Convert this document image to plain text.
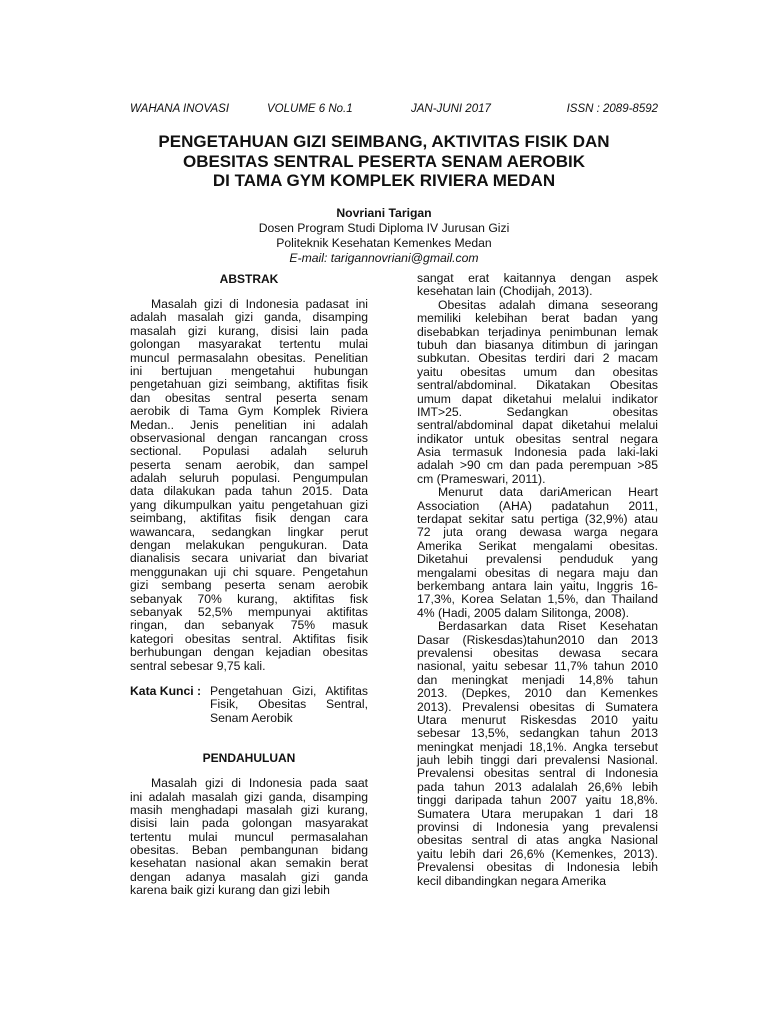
WAHANA INOVASI	VOLUME 6 No.1	JAN-JUNI 2017	ISSN : 2089-8592
PENGETAHUAN GIZI SEIMBANG, AKTIVITAS FISIK DAN
OBESITAS SENTRAL PESERTA SENAM AEROBIK
DI TAMA GYM KOMPLEK RIVIERA MEDAN
Novriani Tarigan
Dosen Program Studi Diploma IV Jurusan Gizi
Politeknik Kesehatan Kemenkes Medan
E-mail: tarigannovriani@gmail.com
ABSTRAK
Masalah gizi di Indonesia padasat ini
adalah masalah gizi ganda, disamping
masalah gizi kurang, disisi lain pada
golongan masyarakat tertentu mulai
muncul permasalahn obesitas. Penelitian
ini bertujuan mengetahui hubungan
pengetahuan gizi seimbang, aktifitas fisik
dan obesitas sentral peserta senam
aerobik di Tama Gym Komplek Riviera
Medan.. Jenis penelitian ini adalah
observasional dengan rancangan cross
sectional. Populasi adalah seluruh
peserta senam aerobik, dan sampel
adalah seluruh populasi. Pengumpulan
data dilakukan pada tahun 2015. Data
yang dikumpulkan yaitu pengetahuan gizi
seimbang, aktifitas fisik dengan cara
wawancara, sedangkan lingkar perut
dengan melakukan pengukuran. Data
dianalisis secara univariat dan bivariat
menggunakan uji chi square. Pengetahun
gizi sembang peserta senam aerobik
sebanyak 70% kurang, aktifitas fisk
sebanyak 52,5% mempunyai aktifitas
ringan, dan sebanyak 75% masuk
kategori obesitas sentral. Aktifitas fisik
berhubungan dengan kejadian obesitas
sentral sebesar 9,75 kali.
Kata Kunci : Pengetahuan Gizi, Aktifitas
Fisik, Obesitas Sentral,
Senam Aerobik
PENDAHULUAN
Masalah gizi di Indonesia pada saat
ini adalah masalah gizi ganda, disamping
masih menghadapi masalah gizi kurang,
disisi lain pada golongan masyarakat
tertentu mulai muncul permasalahan
obesitas. Beban pembangunan bidang
kesehatan nasional akan semakin berat
dengan adanya masalah gizi ganda
karena baik gizi kurang dan gizi lebih
sangat erat kaitannya dengan aspek
kesehatan lain (Chodijah, 2013).
Obesitas adalah dimana seseorang
memiliki kelebihan berat badan yang
disebabkan terjadinya penimbunan lemak
tubuh dan biasanya ditimbun di jaringan
subkutan. Obesitas terdiri dari 2 macam
yaitu obesitas umum dan obesitas
sentral/abdominal. Dikatakan Obesitas
umum dapat diketahui melalui indikator
IMT>25. Sedangkan obesitas
sentral/abdominal dapat diketahui melalui
indikator untuk obesitas sentral negara
Asia termasuk Indonesia pada laki-laki
adalah >90 cm dan pada perempuan >85
cm (Prameswari, 2011).
Menurut data dariAmerican Heart
Association (AHA) padatahun 2011,
terdapat sekitar satu pertiga (32,9%) atau
72 juta orang dewasa warga negara
Amerika Serikat mengalami obesitas.
Diketahui prevalensi penduduk yang
mengalami obesitas di negara maju dan
berkembang antara lain yaitu, Inggris 16-
17,3%, Korea Selatan 1,5%, dan Thailand
4% (Hadi, 2005 dalam Silitonga, 2008).
Berdasarkan data Riset Kesehatan
Dasar (Riskesdas)tahun2010 dan 2013
prevalensi obesitas dewasa secara
nasional, yaitu sebesar 11,7% tahun 2010
dan meningkat menjadi 14,8% tahun
2013. (Depkes, 2010 dan Kemenkes
2013). Prevalensi obesitas di Sumatera
Utara menurut Riskesdas 2010 yaitu
sebesar 13,5%, sedangkan tahun 2013
meningkat menjadi 18,1%. Angka tersebut
jauh lebih tinggi dari prevalensi Nasional.
Prevalensi obesitas sentral di Indonesia
pada tahun 2013 adalalah 26,6% lebih
tinggi daripada tahun 2007 yaitu 18,8%.
Sumatera Utara merupakan 1 dari 18
provinsi di Indonesia yang prevalensi
obesitas sentral di atas angka Nasional
yaitu lebih dari 26,6% (Kemenkes, 2013).
Prevalensi obesitas di Indonesia lebih
kecil dibandingkan negara Amerika
